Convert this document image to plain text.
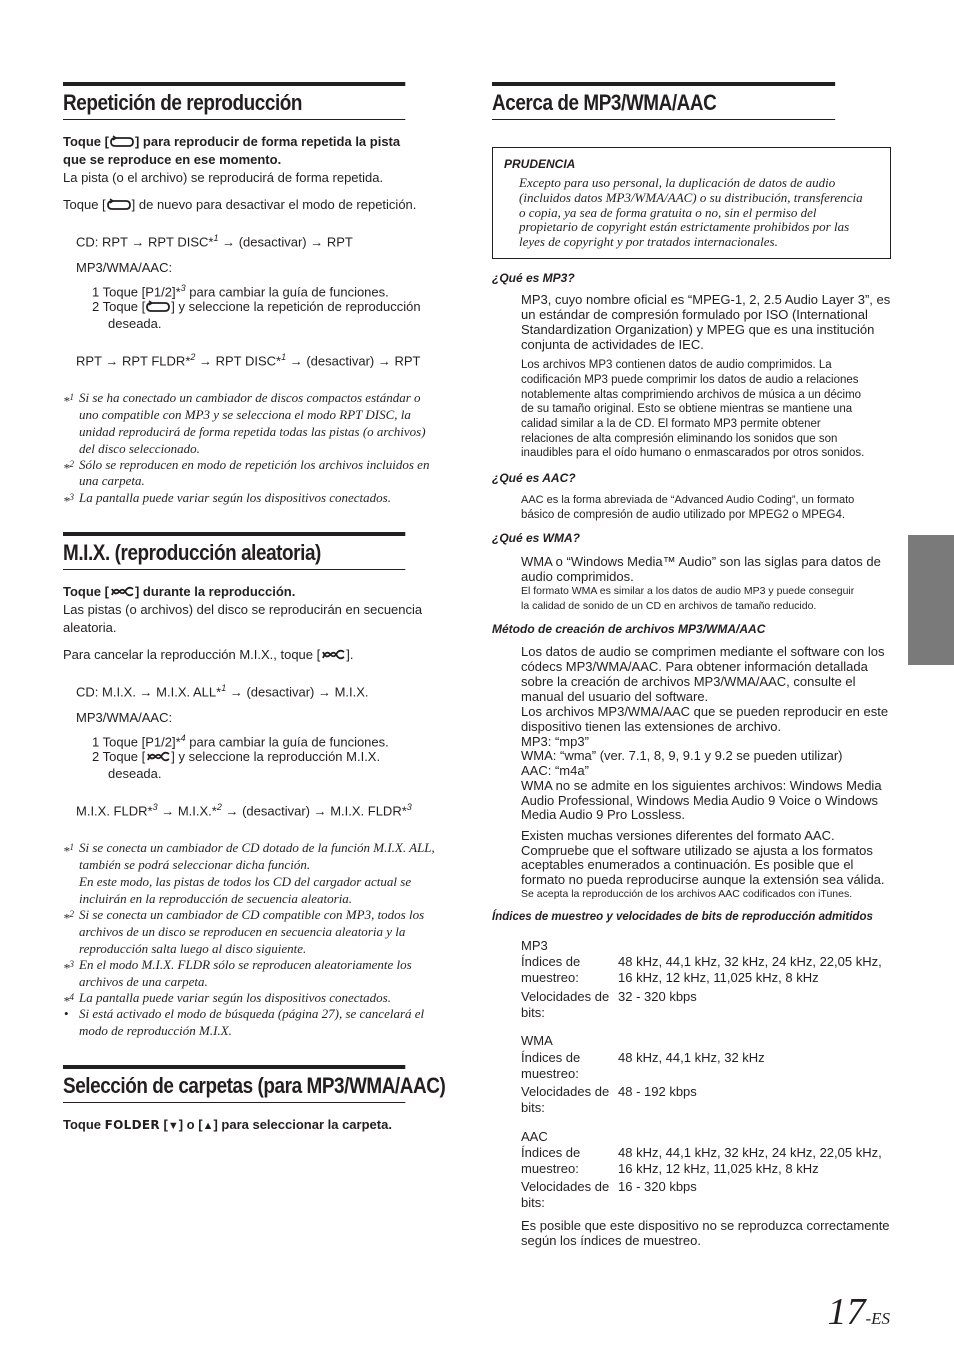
Repetición de reproducción
Toque [ ] para reproducir de forma repetida la pista
que se reproduce en ese momento.
La pista (o el archivo) se reproducirá de forma repetida.
Toque [ ] de nuevo para desactivar el modo de repetición.
CD: RPT → RPT DISC*$^1$ → (desactivar) → RPT
MP3/WMA/AAC:
1 Toque [P1/2]*$^3$ para cambiar la guía de funciones.
2 Toque [ ] y seleccione la repetición de reproducción
deseada.
RPT → RPT FLDR*$^2$ → RPT DISC*$^1$ → (desactivar) → RPT
*$^1$ Si se ha conectado un cambiador de discos compactos estándar o
uno compatible con MP3 y se selecciona el modo RPT DISC, la
unidad reproducirá de forma repetida todas las pistas (o archivos)
del disco seleccionado.
*$^2$ Sólo se reproducen en modo de repetición los archivos incluidos en
una carpeta.
*$^3$ La pantalla puede variar según los dispositivos conectados.
M.I.X. (reproducción aleatoria)
Toque [ ] durante la reproducción.
Las pistas (o archivos) del disco se reproducirán en secuencia
aleatoria.
Para cancelar la reproducción M.I.X., toque [ ].
CD: M.I.X. → M.I.X. ALL*$^1$ → (desactivar) → M.I.X.
MP3/WMA/AAC:
1 Toque [P1/2]*$^4$ para cambiar la guía de funciones.
2 Toque [ ] y seleccione la reproducción M.I.X.
deseada.
M.I.X. FLDR*$^3$ → M.I.X.*$^2$ → (desactivar) → M.I.X. FLDR*$^3$
*$^1$ Si se conecta un cambiador de CD dotado de la función M.I.X. ALL,
también se podrá seleccionar dicha función.
En este modo, las pistas de todos los CD del cargador actual se
incluirán en la reproducción de secuencia aleatoria.
*$^2$ Si se conecta un cambiador de CD compatible con MP3, todos los
archivos de un disco se reproducen en secuencia aleatoria y la
reproducción salta luego al disco siguiente.
*$^3$ En el modo M.I.X. FLDR sólo se reproducen aleatoriamente los
archivos de una carpeta.
*$^4$ La pantalla puede variar según los dispositivos conectados.
• Si está activado el modo de búsqueda (página 27), se cancelará el
modo de reproducción M.I.X.
Selección de carpetas (para MP3/WMA/AAC)
Toque FOLDER [▼] o [▲] para seleccionar la carpeta.
Acerca de MP3/WMA/AAC
PRUDENCIA
Excepto para uso personal, la duplicación de datos de audio
(incluidos datos MP3/WMA/AAC) o su distribución, transferencia
o copia, ya sea de forma gratuita o no, sin el permiso del
propietario de copyright están estrictamente prohibidos por las
leyes de copyright y por tratados internacionales.
¿Qué es MP3?
MP3, cuyo nombre oficial es “MPEG-1, 2, 2.5 Audio Layer 3”, es
un estándar de compresión formulado por ISO (International
Standardization Organization) y MPEG que es una institución
conjunta de actividades de IEC.
Los archivos MP3 contienen datos de audio comprimidos. La
codificación MP3 puede comprimir los datos de audio a relaciones
notablemente altas comprimiendo archivos de música a un décimo
de su tamaño original. Esto se obtiene mientras se mantiene una
calidad similar a la de CD. El formato MP3 permite obtener
relaciones de alta compresión eliminando los sonidos que son
inaudibles para el oído humano o enmascarados por otros sonidos.
¿Qué es AAC?
AAC es la forma abreviada de “Advanced Audio Coding”, un formato
básico de compresión de audio utilizado por MPEG2 o MPEG4.
¿Qué es WMA?
WMA o “Windows Media™ Audio” son las siglas para datos de
audio comprimidos.
El formato WMA es similar a los datos de audio MP3 y puede conseguir
la calidad de sonido de un CD en archivos de tamaño reducido.
Método de creación de archivos MP3/WMA/AAC
Los datos de audio se comprimen mediante el software con los
códecs MP3/WMA/AAC. Para obtener información detallada
sobre la creación de archivos MP3/WMA/AAC, consulte el
manual del usuario del software.
Los archivos MP3/WMA/AAC que se pueden reproducir en este
dispositivo tienen las extensiones de archivo.
MP3: “mp3”
WMA: “wma” (ver. 7.1, 8, 9, 9.1 y 9.2 se pueden utilizar)
AAC: “m4a”
WMA no se admite en los siguientes archivos: Windows Media
Audio Professional, Windows Media Audio 9 Voice o Windows
Media Audio 9 Pro Lossless.
Existen muchas versiones diferentes del formato AAC.
Compruebe que el software utilizado se ajusta a los formatos
aceptables enumerados a continuación. Es posible que el
formato no pueda reproducirse aunque la extensión sea válida.
Se acepta la reproducción de los archivos AAC codificados con iTunes.
Índices de muestreo y velocidades de bits de reproducción admitidos
MP3
Índices de
muestreo:
48 kHz, 44,1 kHz, 32 kHz, 24 kHz, 22,05 kHz,
16 kHz, 12 kHz, 11,025 kHz, 8 kHz
Velocidades de
bits:
32 - 320 kbps
WMA
Índices de
muestreo:
48 kHz, 44,1 kHz, 32 kHz
Velocidades de
bits:
48 - 192 kbps
AAC
Índices de
muestreo:
48 kHz, 44,1 kHz, 32 kHz, 24 kHz, 22,05 kHz,
16 kHz, 12 kHz, 11,025 kHz, 8 kHz
Velocidades de
bits:
16 - 320 kbps
Es posible que este dispositivo no se reproduzca correctamente
según los índices de muestreo.
17-ES
